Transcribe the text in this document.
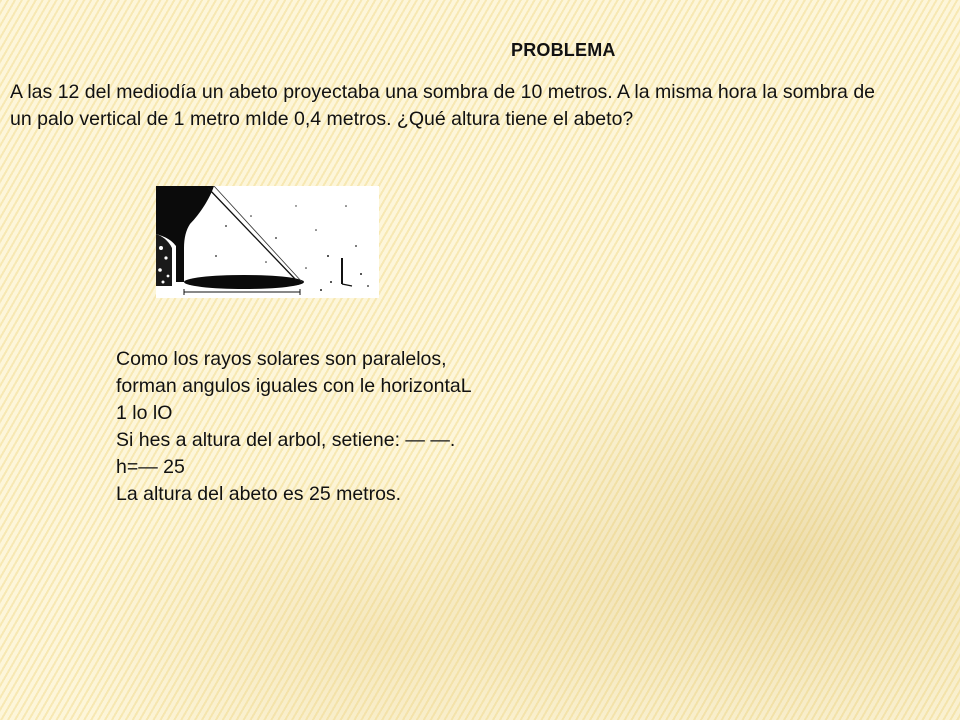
PROBLEMA
A las 12 del mediodía un abeto proyectaba una sombra de 10 metros. A la misma hora la sombra de un palo vertical de 1 metro mIde 0,4 metros. ¿Qué altura tiene el abeto?
Como los rayos solares son paralelos,
forman angulos iguales con le horizontaL
1 lo lO
Si hes a altura del arbol, setiene: — —.
h=— 25
La altura del abeto es 25 metros.
